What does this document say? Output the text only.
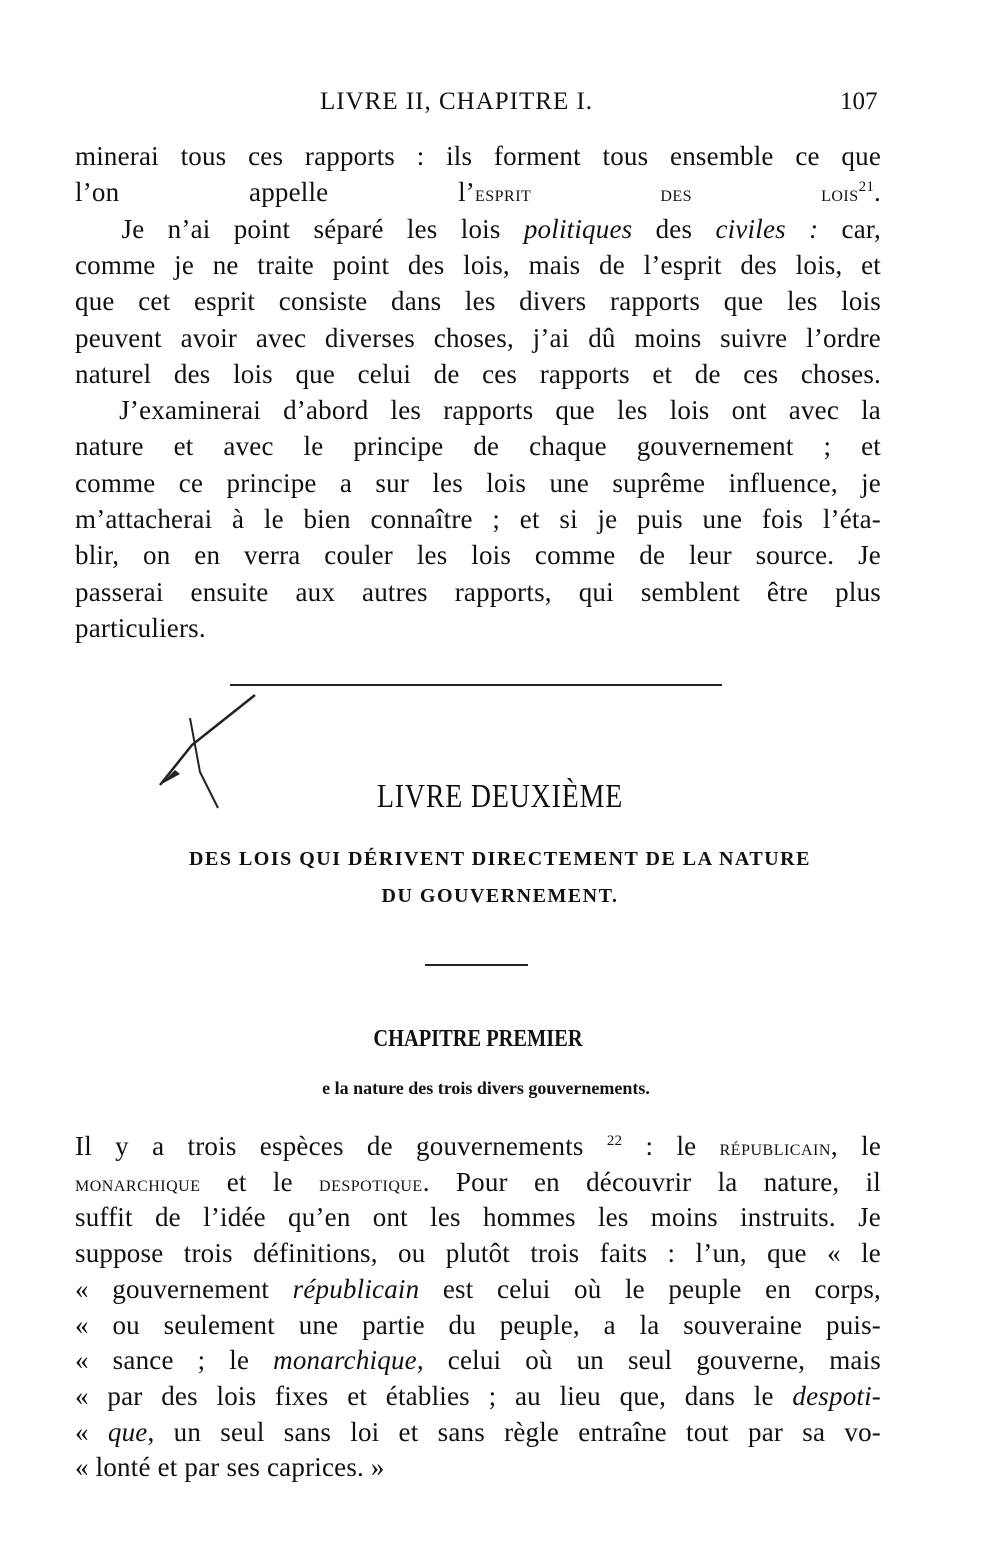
LIVRE II, CHAPITRE I.	107
minerai tous ces rapports : ils forment tous ensemble ce que
l’on appelle l’esprit des lois$^{21}$.
Je n’ai point séparé les lois politiques des civiles : car,
comme je ne traite point des lois, mais de l’esprit des lois, et
que cet esprit consiste dans les divers rapports que les lois
peuvent avoir avec diverses choses, j’ai dû moins suivre l’ordre
naturel des lois que celui de ces rapports et de ces choses.
J’examinerai d’abord les rapports que les lois ont avec la
nature et avec le principe de chaque gouvernement ; et
comme ce principe a sur les lois une suprême influence, je
m’attacherai à le bien connaître ; et si je puis une fois l’éta-
blir, on en verra couler les lois comme de leur source. Je
passerai ensuite aux autres rapports, qui semblent être plus
particuliers.
LIVRE DEUXIÈME
DES LOIS QUI DÉRIVENT DIRECTEMENT DE LA NATURE
DU GOUVERNEMENT.
CHAPITRE PREMIER
e la nature des trois divers gouvernements.
Il y a trois espèces de gouvernements $^{22}$ : le républicain, le
monarchique et le despotique. Pour en découvrir la nature, il
suffit de l’idée qu’en ont les hommes les moins instruits. Je
suppose trois définitions, ou plutôt trois faits : l’un, que « le
« gouvernement républicain est celui où le peuple en corps,
« ou seulement une partie du peuple, a la souveraine puis-
« sance ; le monarchique, celui où un seul gouverne, mais
« par des lois fixes et établies ; au lieu que, dans le despoti-
« que, un seul sans loi et sans règle entraîne tout par sa vo-
« lonté et par ses caprices. »
